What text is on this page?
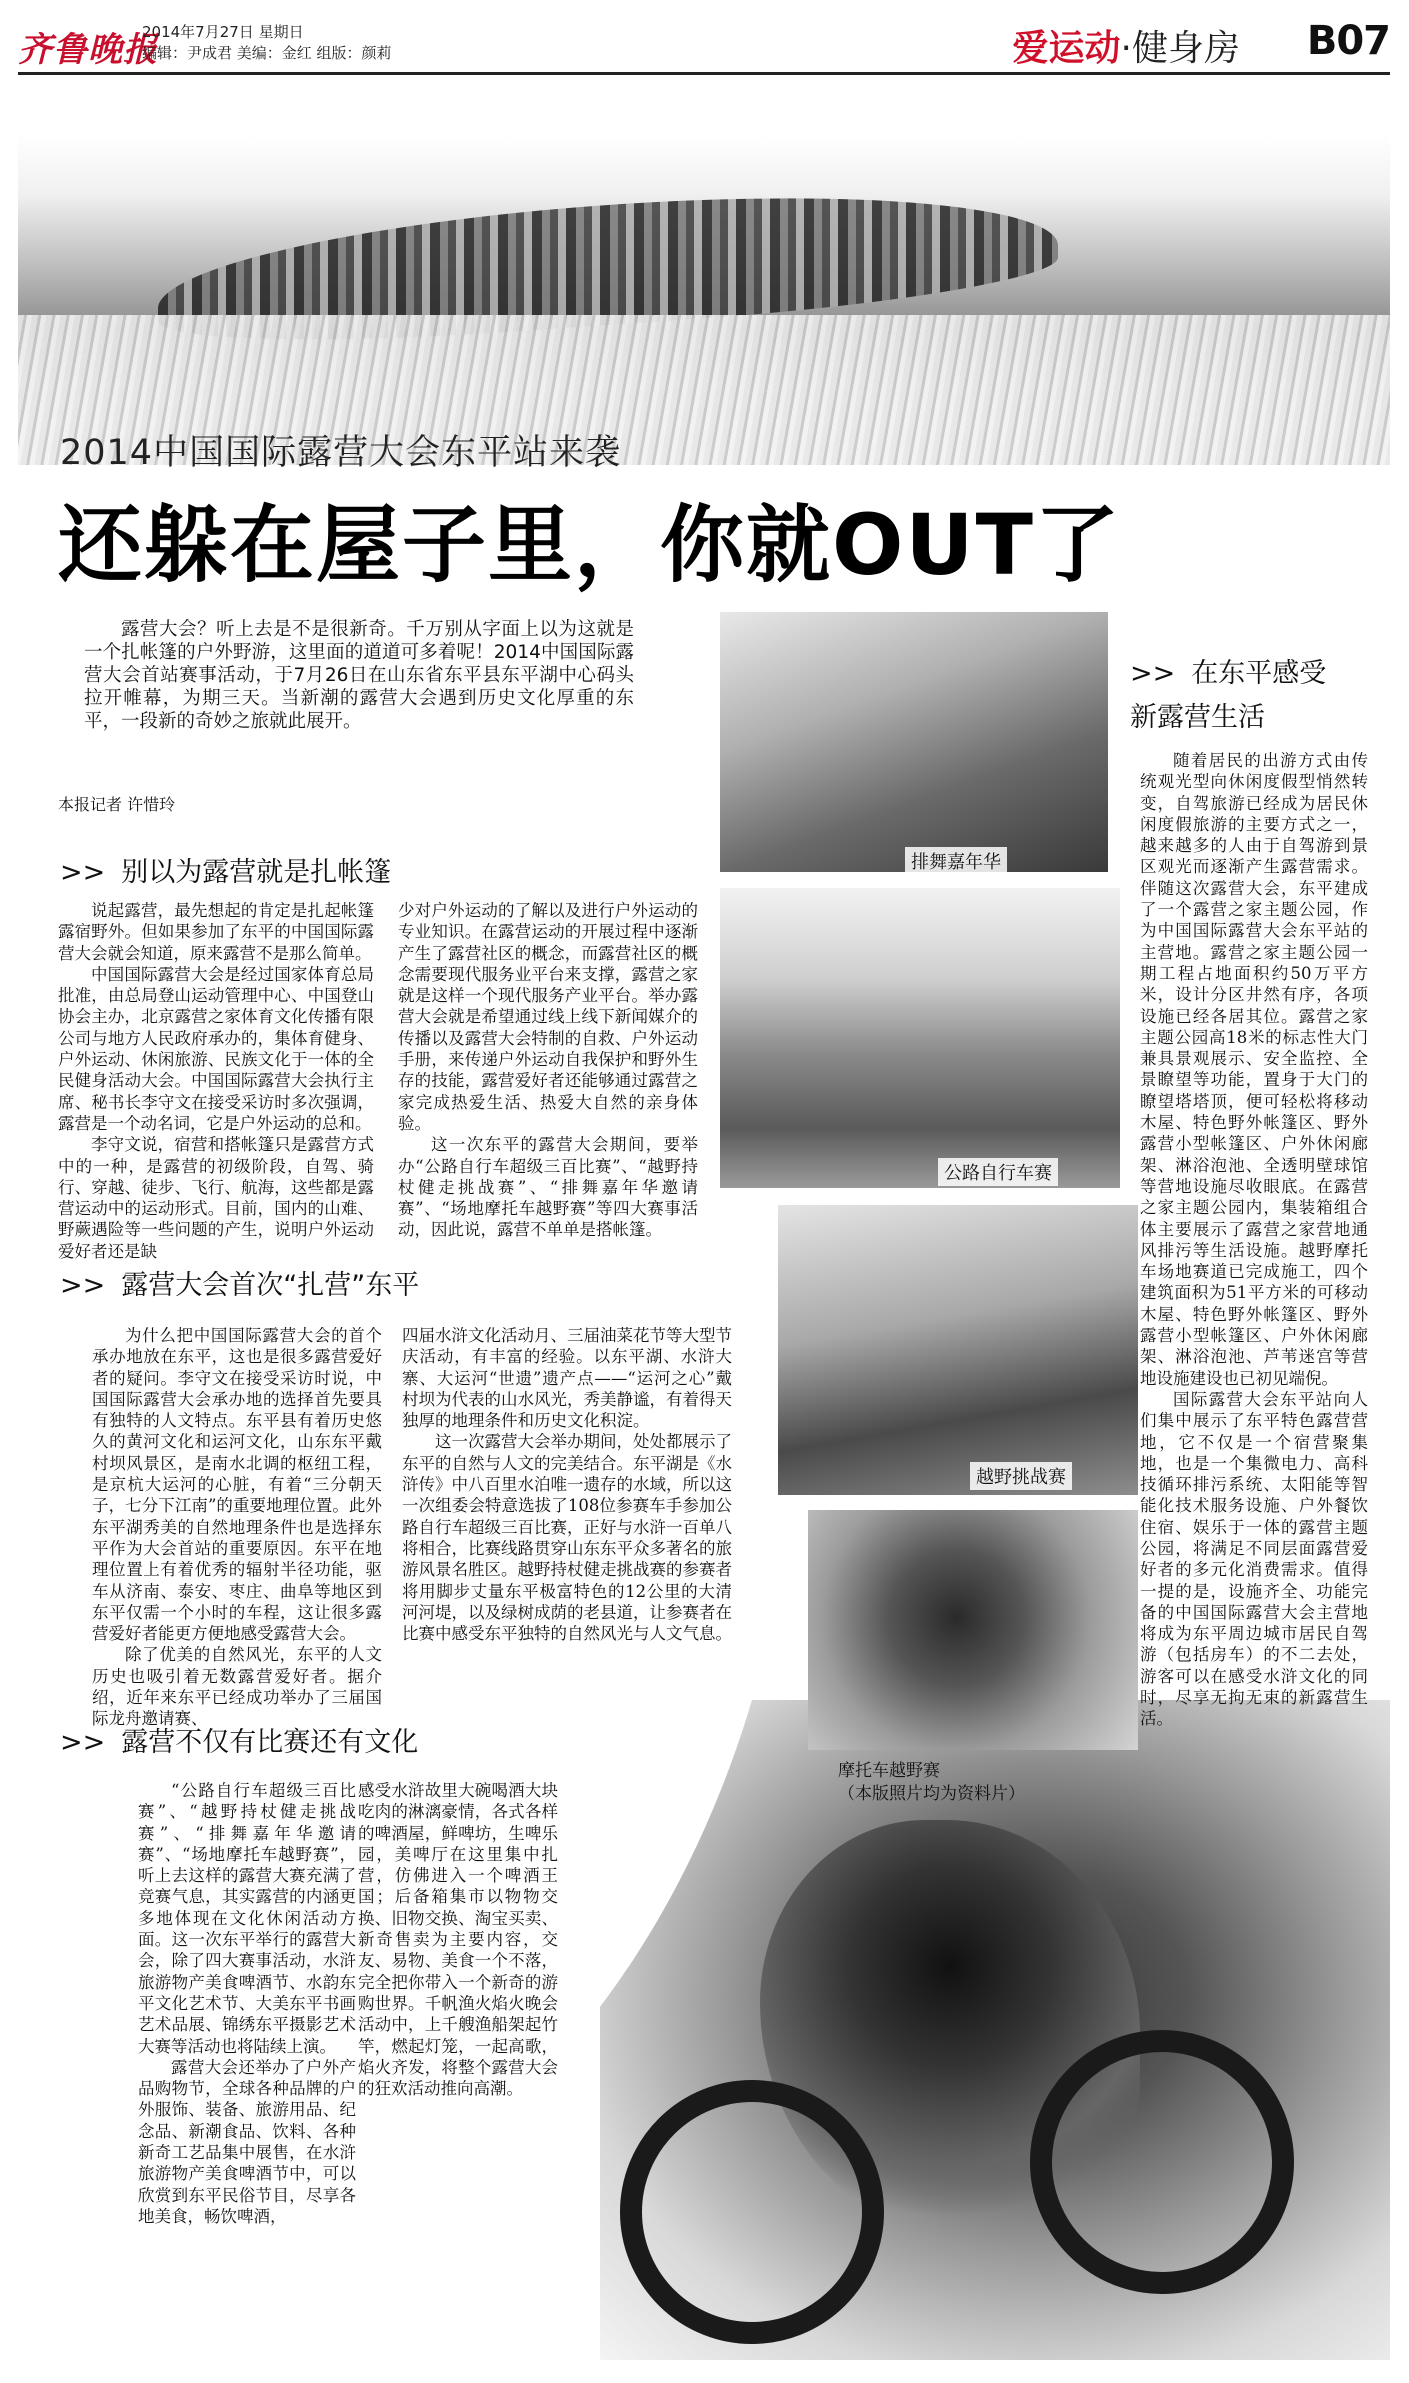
齐鲁晚报
2014年7月27日 星期日
编辑：尹成君 美编：金红 组版：颜莉	爱运动·健身房 B07
排舞嘉年华
公路自行车赛
越野挑战赛
摩托车越野赛
（本版照片均为资料片）
2014中国国际露营大会东平站来袭
还躲在屋子里，你就OUT了
露营大会？听上去是不是很新奇。千万别从字面上以为这就是一个扎帐篷的户外野游，这里面的道道可多着呢！2014中国国际露营大会首站赛事活动，于7月26日在山东省东平县东平湖中心码头拉开帷幕，为期三天。当新潮的露营大会遇到历史文化厚重的东平，一段新的奇妙之旅就此展开。
本报记者 许惜玲
>> 别以为露营就是扎帐篷

说起露营，最先想起的肯定是扎起帐篷露宿野外。但如果参加了东平的中国国际露营大会就会知道，原来露营不是那么简单。

中国国际露营大会是经过国家体育总局批准，由总局登山运动管理中心、中国登山协会主办，北京露营之家体育文化传播有限公司与地方人民政府承办的，集体育健身、户外运动、休闲旅游、民族文化于一体的全民健身活动大会。中国国际露营大会执行主席、秘书长李守文在接受采访时多次强调，露营是一个动名词，它是户外运动的总和。

李守文说，宿营和搭帐篷只是露营方式中的一种，是露营的初级阶段，自驾、骑行、穿越、徒步、飞行、航海，这些都是露营运动中的运动形式。目前，国内的山难、野蕨遇险等一些问题的产生，说明户外运动爱好者还是缺

少对户外运动的了解以及进行户外运动的专业知识。在露营运动的开展过程中逐渐产生了露营社区的概念，而露营社区的概念需要现代服务业平台来支撑，露营之家就是这样一个现代服务产业平台。举办露营大会就是希望通过线上线下新闻媒介的传播以及露营大会特制的自救、户外运动手册，来传递户外运动自我保护和野外生存的技能，露营爱好者还能够通过露营之家完成热爱生活、热爱大自然的亲身体验。

这一次东平的露营大会期间，要举办“公路自行车超级三百比赛”、“越野持杖健走挑战赛”、“排舞嘉年华邀请赛”、“场地摩托车越野赛”等四大赛事活动，因此说，露营不单单是搭帐篷。

>> 露营大会首次“扎营”东平

为什么把中国国际露营大会的首个承办地放在东平，这也是很多露营爱好者的疑问。李守文在接受采访时说，中国国际露营大会承办地的选择首先要具有独特的人文特点。东平县有着历史悠久的黄河文化和运河文化，山东东平戴村坝风景区，是南水北调的枢纽工程，是京杭大运河的心脏，有着“三分朝天子，七分下江南”的重要地理位置。此外东平湖秀美的自然地理条件也是选择东平作为大会首站的重要原因。东平在地理位置上有着优秀的辐射半径功能，驱车从济南、泰安、枣庄、曲阜等地区到东平仅需一个小时的车程，这让很多露营爱好者能更方便地感受露营大会。

除了优美的自然风光，东平的人文历史也吸引着无数露营爱好者。据介绍，近年来东平已经成功举办了三届国际龙舟邀请赛、

四届水浒文化活动月、三届油菜花节等大型节庆活动，有丰富的经验。以东平湖、水浒大寨、大运河“世遗”遗产点——“运河之心”戴村坝为代表的山水风光，秀美静谧，有着得天独厚的地理条件和历史文化积淀。

这一次露营大会举办期间，处处都展示了东平的自然与人文的完美结合。东平湖是《水浒传》中八百里水泊唯一遗存的水域，所以这一次组委会特意选拔了108位参赛车手参加公路自行车超级三百比赛，正好与水浒一百单八将相合，比赛线路贯穿山东东平众多著名的旅游风景名胜区。越野持杖健走挑战赛的参赛者将用脚步丈量东平极富特色的12公里的大清河河堤，以及绿树成荫的老县道，让参赛者在比赛中感受东平独特的自然风光与人文气息。

>> 露营不仅有比赛还有文化

“公路自行车超级三百比赛”、“越野持杖健走挑战赛”、“排舞嘉年华邀请赛”、“场地摩托车越野赛”，听上去这样的露营大赛充满了竞赛气息，其实露营的内涵更多地体现在文化休闲活动方面。这一次东平举行的露营大会，除了四大赛事活动，水浒旅游物产美食啤酒节、水韵东平文化艺术节、大美东平书画艺术品展、锦绣东平摄影艺术大赛等活动也将陆续上演。

露营大会还举办了户外产品购物节，全球各种品牌的户外服饰、装备、旅游用品、纪念品、新潮食品、饮料、各种新奇工艺品集中展售，在水浒旅游物产美食啤酒节中，可以欣赏到东平民俗节目，尽享各地美食，畅饮啤酒，

感受水浒故里大碗喝酒大块吃肉的淋漓豪情，各式各样的啤酒屋，鲜啤坊，生啤乐园，美啤厅在这里集中扎营，仿佛进入一个啤酒王国；后备箱集市以物物交换、旧物交换、淘宝买卖、新奇售卖为主要内容，交友、易物、美食一个不落，完全把你带入一个新奇的游购世界。千帆渔火焰火晚会活动中，上千艘渔船架起竹竿，燃起灯笼，一起高歌，焰火齐发，将整个露营大会的狂欢活动推向高潮。

>> 在东平感受
新露营生活

随着居民的出游方式由传统观光型向休闲度假型悄然转变，自驾旅游已经成为居民休闲度假旅游的主要方式之一，越来越多的人由于自驾游到景区观光而逐渐产生露营需求。伴随这次露营大会，东平建成了一个露营之家主题公园，作为中国国际露营大会东平站的主营地。露营之家主题公园一期工程占地面积约50万平方米，设计分区井然有序，各项设施已经各居其位。露营之家主题公园高18米的标志性大门兼具景观展示、安全监控、全景瞭望等功能，置身于大门的瞭望塔塔顶，便可轻松将移动木屋、特色野外帐篷区、野外露营小型帐篷区、户外休闲廊架、淋浴泡池、全透明壁球馆等营地设施尽收眼底。在露营之家主题公园内，集装箱组合体主要展示了露营之家营地通风排污等生活设施。越野摩托车场地赛道已完成施工，四个建筑面积为51平方米的可移动木屋、特色野外帐篷区、野外露营小型帐篷区、户外休闲廊架、淋浴泡池、芦苇迷宫等营地设施建设也已初见端倪。

国际露营大会东平站向人们集中展示了东平特色露营营地，它不仅是一个宿营聚集地，也是一个集微电力、高科技循环排污系统、太阳能等智能化技术服务设施、户外餐饮住宿、娱乐于一体的露营主题公园，将满足不同层面露营爱好者的多元化消费需求。值得一提的是，设施齐全、功能完备的中国国际露营大会主营地将成为东平周边城市居民自驾游（包括房车）的不二去处，游客可以在感受水浒文化的同时，尽享无拘无束的新露营生活。
